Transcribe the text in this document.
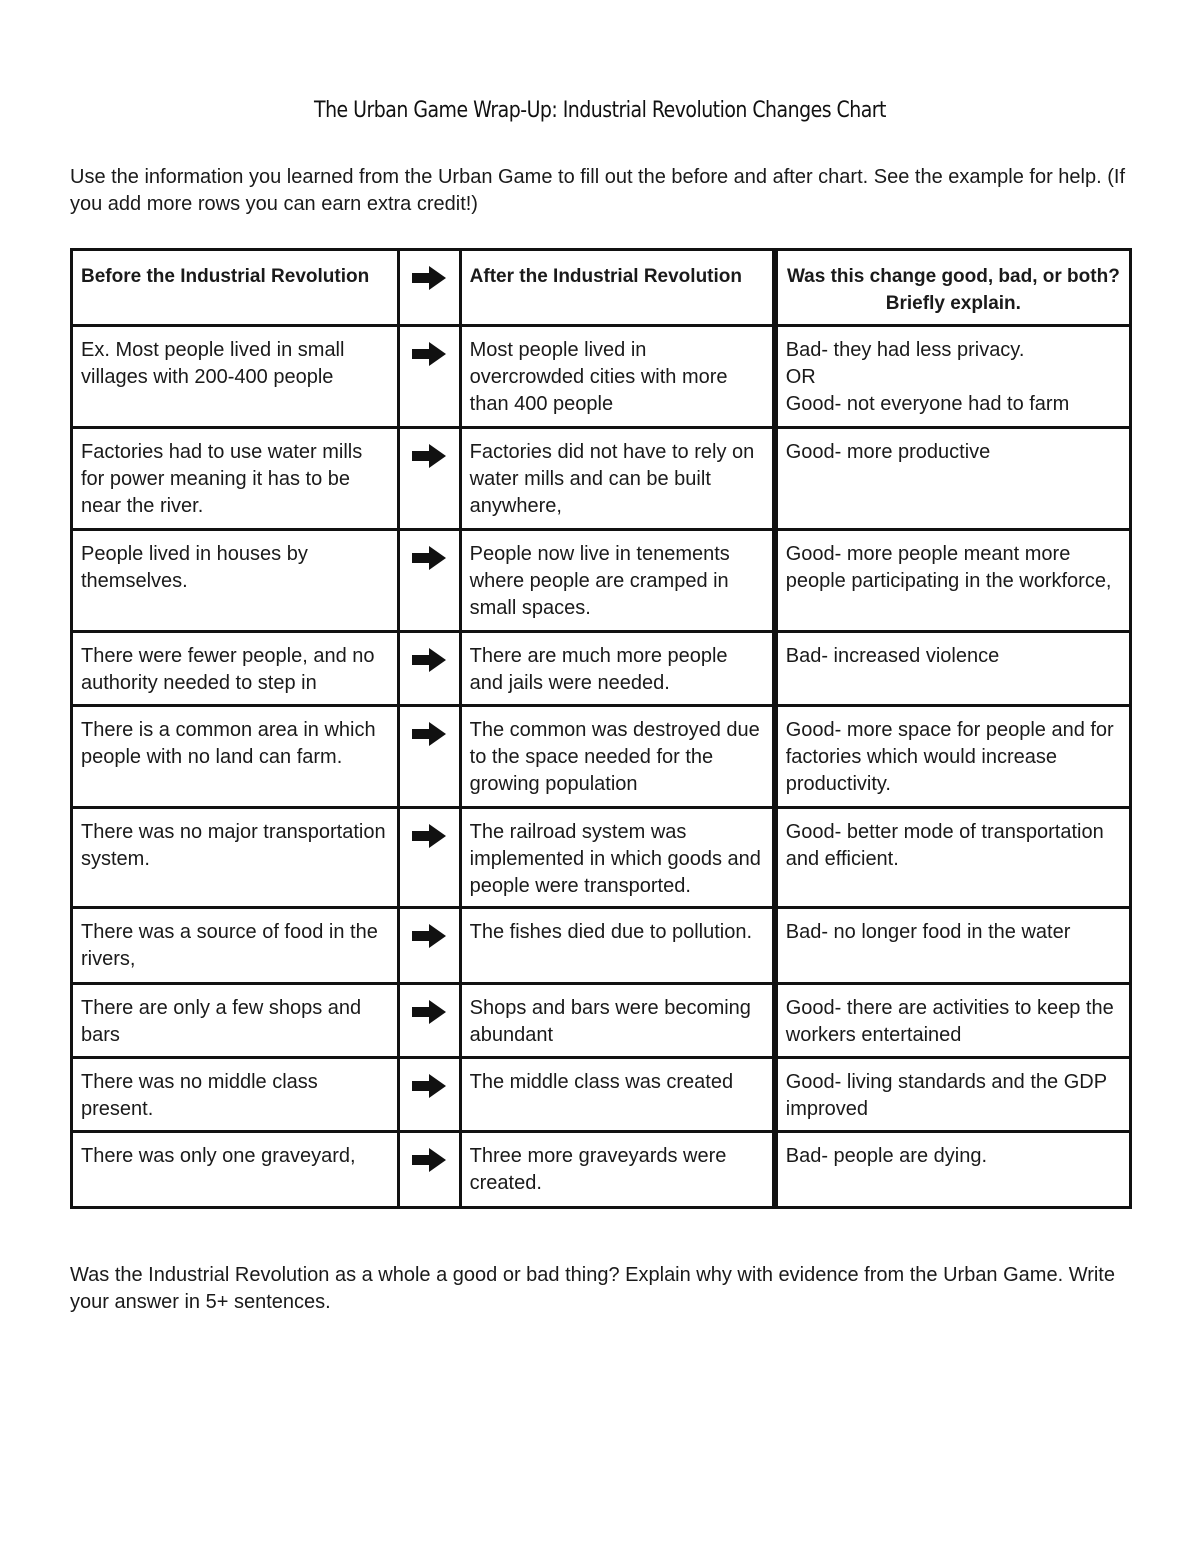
The Urban Game Wrap-Up: Industrial Revolution Changes Chart
Use the information you learned from the Urban Game to fill out the before and after chart. See the example for help. (If you add more rows you can earn extra credit!)
Before the Industrial Revolution		After the Industrial Revolution	Was this change good, bad, or both? Briefly explain.
Ex. Most people lived in small villages with 200-400 people		Most people lived in overcrowded cities with more than 400 people	Bad- they had less privacy.
OR
Good- not everyone had to farm

Factories had to use water mills for power meaning it has to be near the river.		Factories did not have to rely on water mills and can be built anywhere,	Good- more productive

People lived in houses by themselves.		People now live in tenements where people are cramped in small spaces.	Good- more people meant more people participating in the workforce,

There were fewer people, and no authority needed to step in		There are much more people and jails were needed.	Bad- increased violence

There is a common area in which people with no land can farm.		The common was destroyed due to the space needed for the growing population	Good- more space for people and for factories which would increase productivity.

There was no major transportation system.		The railroad system was implemented in which goods and people were transported.	Good- better mode of transportation and efficient.

There was a source of food in the rivers,		The fishes died due to pollution.	Bad- no longer food in the water

There are only a few shops and bars		Shops and bars were becoming abundant	Good- there are activities to keep the workers entertained

There was no middle class present.		The middle class was created	Good- living standards and the GDP improved

There was only one graveyard,		Three more graveyards were created.	Bad- people are dying.
Was the Industrial Revolution as a whole a good or bad thing? Explain why with evidence from the Urban Game. Write your answer in 5+ sentences.
